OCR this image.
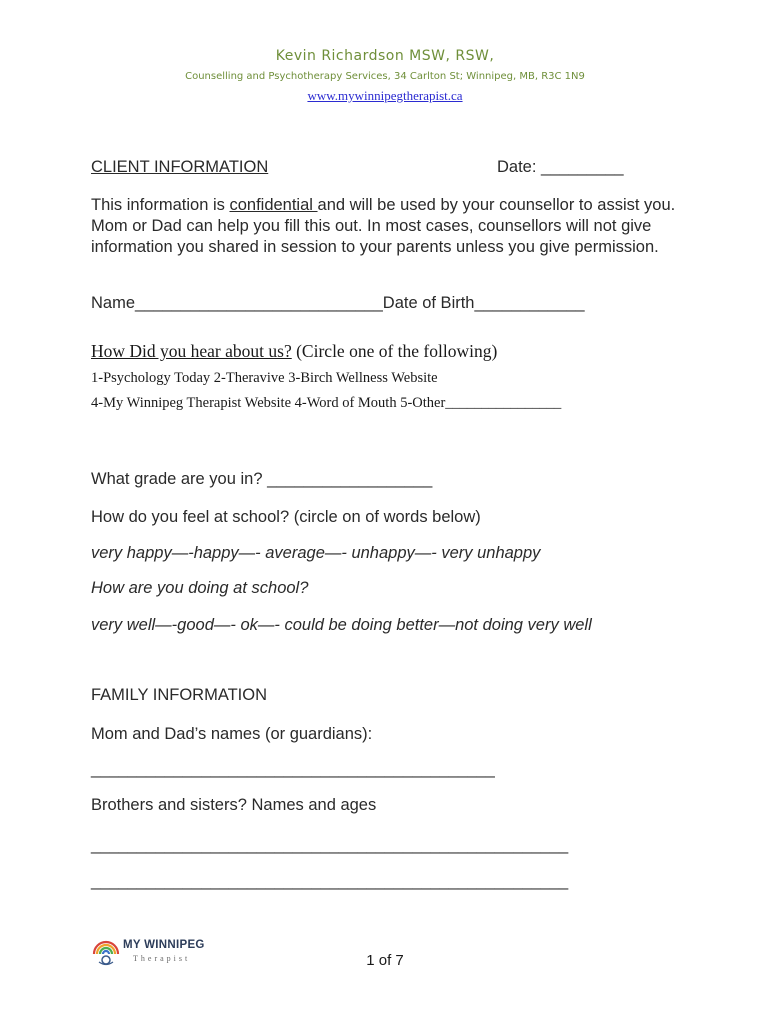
Kevin Richardson MSW, RSW,
Counselling and Psychotherapy Services, 34 Carlton St; Winnipeg, MB, R3C 1N9
www.mywinnipegtherapist.ca
CLIENT INFORMATION	Date: _________
This information is confidential and will be used by your counsellor to assist you. Mom or Dad can help you fill this out. In most cases, counsellors will not give information you shared in session to your parents unless you give permission.
Name___________________________Date of Birth____________
How Did you hear about us? (Circle one of the following)
1-Psychology Today 2-Theravive 3-Birch Wellness Website
4-My Winnipeg Therapist Website 4-Word of Mouth 5-Other________________
What grade are you in? __________________
How do you feel at school? (circle on of words below)
very happy—-happy—- average—- unhappy—- very unhappy
How are you doing at school?
very well—-good—- ok—- could be doing better—not doing very well
FAMILY INFORMATION
Mom and Dad’s names (or guardians):
____________________________________________
Brothers and sisters? Names and ages
____________________________________________________
____________________________________________________
MY WINNIPEG
Therapist	1 of 7
